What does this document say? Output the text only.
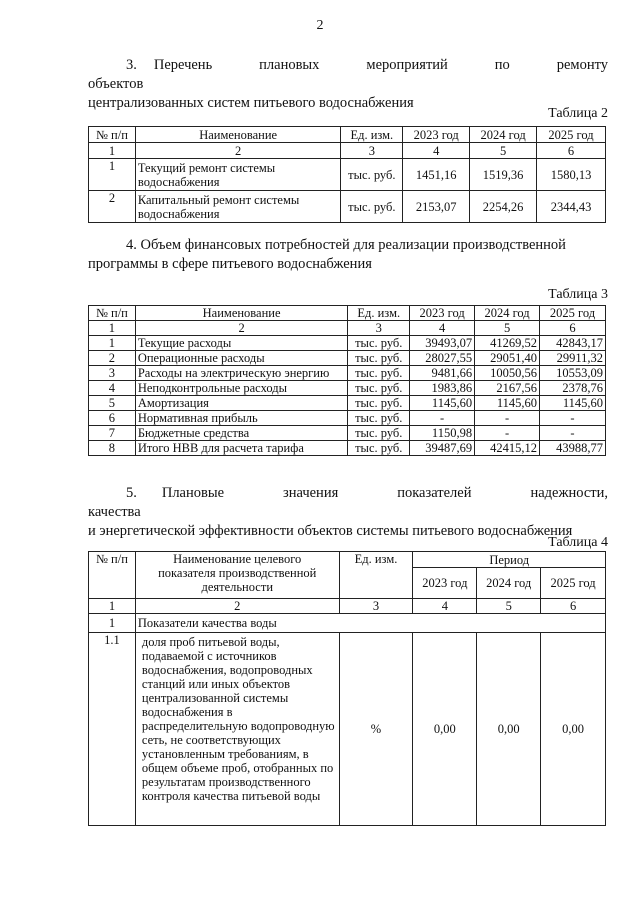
2
3. Перечень плановых мероприятий по ремонту объектов
централизованных систем питьевого водоснабжения
Таблица 2
№ п/п	Наименование	Ед. изм.	2023 год	2024 год	2025 год
1	2	3	4	5	6
1	Текущий ремонт системы водоснабжения	тыс. руб.	1451,16	1519,36	1580,13
2	Капитальный ремонт системы водоснабжения	тыс. руб.	2153,07	2254,26	2344,43
4. Объем финансовых потребностей для реализации производственной
программы в сфере питьевого водоснабжения
Таблица 3
№ п/п	Наименование	Ед. изм.	2023 год	2024 год	2025 год
1	2	3	4	5	6
1	Текущие расходы	тыс. руб.	39493,07	41269,52	42843,17
2	Операционные расходы	тыс. руб.	28027,55	29051,40	29911,32
3	Расходы на электрическую энергию	тыс. руб.	9481,66	10050,56	10553,09
4	Неподконтрольные расходы	тыс. руб.	1983,86	2167,56	2378,76
5	Амортизация	тыс. руб.	1145,60	1145,60	1145,60
6	Нормативная прибыль	тыс. руб.	-	-	-
7	Бюджетные средства	тыс. руб.	1150,98	-	-
8	Итого НВВ для расчета тарифа	тыс. руб.	39487,69	42415,12	43988,77
5. Плановые значения показателей надежности, качества
и энергетической эффективности объектов системы питьевого водоснабжения
Таблица 4
№ п/п	Наименование целевого показателя производственной деятельности	Ед. изм.	Период		
			2023 год	2024 год	2025 год
1	2	3	4	5	6
1	Показатели качества воды				
1.1	доля проб питьевой воды, подаваемой с источников водоснабжения, водопроводных станций или иных объектов централизованной системы водоснабжения в распределительную водопроводную сеть, не соответствующих установленным требованиям, в общем объеме проб, отобранных по результатам производственного контроля качества питьевой воды	%	0,00	0,00	0,00
